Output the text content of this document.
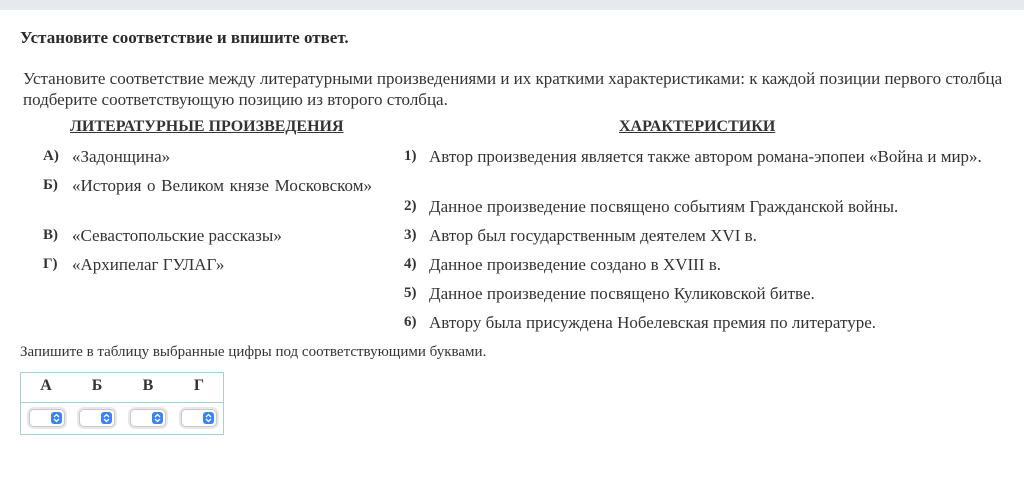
Установите соответствие и впишите ответ.
Установите соответствие между литературными произведениями и их краткими характеристиками: к каждой позиции первого столбца подберите соответствующую позицию из второго столбца.
ЛИТЕРАТУРНЫЕ ПРОИЗВЕДЕНИЯ	ХАРАКТЕРИСТИКИ
А) «Задонщина»
Б) «История о Великом князе Московском»
В) «Севастопольские рассказы»
Г) «Архипелаг ГУЛАГ»
1) Автор произведения является также автором романа-эпопеи «Война и мир».
2) Данное произведение посвящено событиям Гражданской войны.
3) Автор был государственным деятелем XVI в.
4) Данное произведение создано в XVIII в.
5) Данное произведение посвящено Куликовской битве.
6) Автору была присуждена Нобелевская премия по литературе.
Запишите в таблицу выбранные цифры под соответствующими буквами.
А	Б	В	Г
